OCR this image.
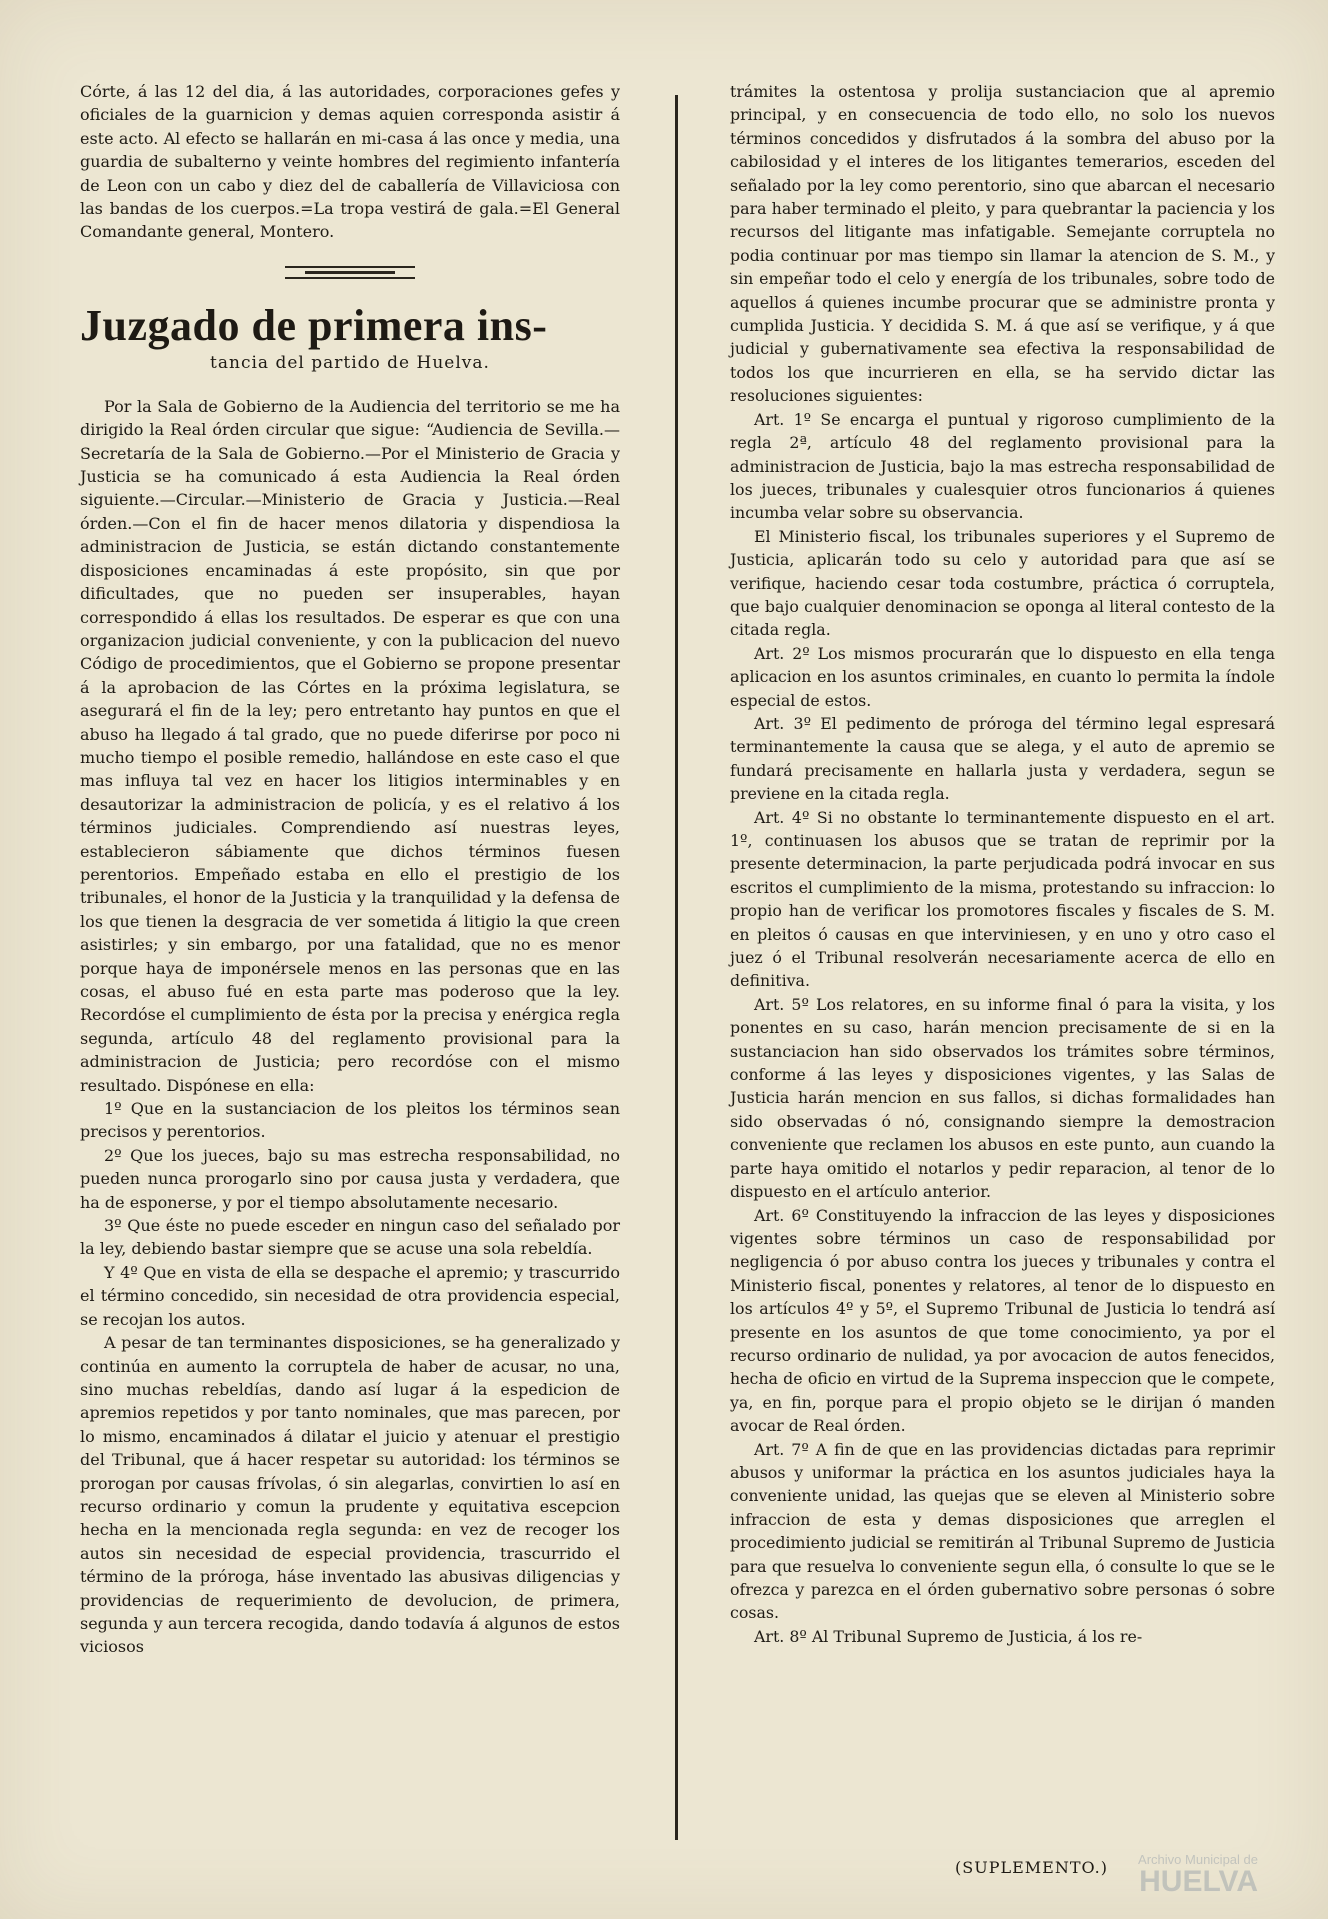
Córte, á las 12 del dia, á las autoridades, corporaciones gefes y oficiales de la guarnicion y demas aquien corresponda asistir á este acto. Al efecto se hallarán en mi-casa á las once y media, una guardia de subalterno y veinte hombres del regimiento infantería de Leon con un cabo y diez del de caballería de Villaviciosa con las bandas de los cuerpos.=La tropa vestirá de gala.=El General Comandante general, Montero.

Juzgado de primera ins-
tancia del partido de Huelva.

Por la Sala de Gobierno de la Audiencia del territorio se me ha dirigido la Real órden circular que sigue: “Audiencia de Sevilla.—Secretaría de la Sala de Gobierno.—Por el Ministerio de Gracia y Justicia se ha comunicado á esta Audiencia la Real órden siguiente.—Circular.—Ministerio de Gracia y Justicia.—Real órden.—Con el fin de hacer menos dilatoria y dispendiosa la administracion de Justicia, se están dictando constantemente disposiciones encaminadas á este propósito, sin que por dificultades, que no pueden ser insuperables, hayan correspondido á ellas los resultados. De esperar es que con una organizacion judicial conveniente, y con la publicacion del nuevo Código de procedimientos, que el Gobierno se propone presentar á la aprobacion de las Córtes en la próxima legislatura, se asegurará el fin de la ley; pero entretanto hay puntos en que el abuso ha llegado á tal grado, que no puede diferirse por poco ni mucho tiempo el posible remedio, hallándose en este caso el que mas influya tal vez en hacer los litigios interminables y en desautorizar la administracion de policía, y es el relativo á los términos judiciales. Comprendiendo así nuestras leyes, establecieron sábiamente que dichos términos fuesen perentorios. Empeñado estaba en ello el prestigio de los tribunales, el honor de la Justicia y la tranquilidad y la defensa de los que tienen la desgracia de ver sometida á litigio la que creen asistirles; y sin embargo, por una fatalidad, que no es menor porque haya de imponérsele menos en las personas que en las cosas, el abuso fué en esta parte mas poderoso que la ley. Recordóse el cumplimiento de ésta por la precisa y enérgica regla segunda, artículo 48 del reglamento provisional para la administracion de Justicia; pero recordóse con el mismo resultado. Dispónese en ella:

1º Que en la sustanciacion de los pleitos los términos sean precisos y perentorios.

2º Que los jueces, bajo su mas estrecha responsabilidad, no pueden nunca prorogarlo sino por causa justa y verdadera, que ha de esponerse, y por el tiempo absolutamente necesario.

3º Que éste no puede esceder en ningun caso del señalado por la ley, debiendo bastar siempre que se acuse una sola rebeldía.

Y 4º Que en vista de ella se despache el apremio; y trascurrido el término concedido, sin necesidad de otra providencia especial, se recojan los autos.

A pesar de tan terminantes disposiciones, se ha generalizado y continúa en aumento la corruptela de haber de acusar, no una, sino muchas rebeldías, dando así lugar á la espedicion de apremios repetidos y por tanto nominales, que mas parecen, por lo mismo, encaminados á dilatar el juicio y atenuar el prestigio del Tribunal, que á hacer respetar su autoridad: los términos se prorogan por causas frívolas, ó sin alegarlas, convirtien lo así en recurso ordinario y comun la prudente y equitativa escepcion hecha en la mencionada regla segunda: en vez de recoger los autos sin necesidad de especial providencia, trascurrido el término de la próroga, háse inventado las abusivas diligencias y providencias de requerimiento de devolucion, de primera, segunda y aun tercera recogida, dando todavía á algunos de estos viciosos

trámites la ostentosa y prolija sustanciacion que al apremio principal, y en consecuencia de todo ello, no solo los nuevos términos concedidos y disfrutados á la sombra del abuso por la cabilosidad y el interes de los litigantes temerarios, esceden del señalado por la ley como perentorio, sino que abarcan el necesario para haber terminado el pleito, y para quebrantar la paciencia y los recursos del litigante mas infatigable. Semejante corruptela no podia continuar por mas tiempo sin llamar la atencion de S. M., y sin empeñar todo el celo y energía de los tribunales, sobre todo de aquellos á quienes incumbe procurar que se administre pronta y cumplida Justicia. Y decidida S. M. á que así se verifique, y á que judicial y gubernativamente sea efectiva la responsabilidad de todos los que incurrieren en ella, se ha servido dictar las resoluciones siguientes:

Art. 1º Se encarga el puntual y rigoroso cumplimiento de la regla 2ª, artículo 48 del reglamento provisional para la administracion de Justicia, bajo la mas estrecha responsabilidad de los jueces, tribunales y cualesquier otros funcionarios á quienes incumba velar sobre su observancia.

El Ministerio fiscal, los tribunales superiores y el Supremo de Justicia, aplicarán todo su celo y autoridad para que así se verifique, haciendo cesar toda costumbre, práctica ó corruptela, que bajo cualquier denominacion se oponga al literal contesto de la citada regla.

Art. 2º Los mismos procurarán que lo dispuesto en ella tenga aplicacion en los asuntos criminales, en cuanto lo permita la índole especial de estos.

Art. 3º El pedimento de próroga del término legal espresará terminantemente la causa que se alega, y el auto de apremio se fundará precisamente en hallarla justa y verdadera, segun se previene en la citada regla.

Art. 4º Si no obstante lo terminantemente dispuesto en el art. 1º, continuasen los abusos que se tratan de reprimir por la presente determinacion, la parte perjudicada podrá invocar en sus escritos el cumplimiento de la misma, protestando su infraccion: lo propio han de verificar los promotores fiscales y fiscales de S. M. en pleitos ó causas en que interviniesen, y en uno y otro caso el juez ó el Tribunal resolverán necesariamente acerca de ello en definitiva.

Art. 5º Los relatores, en su informe final ó para la visita, y los ponentes en su caso, harán mencion precisamente de si en la sustanciacion han sido observados los trámites sobre términos, conforme á las leyes y disposiciones vigentes, y las Salas de Justicia harán mencion en sus fallos, si dichas formalidades han sido observadas ó nó, consignando siempre la demostracion conveniente que reclamen los abusos en este punto, aun cuando la parte haya omitido el notarlos y pedir reparacion, al tenor de lo dispuesto en el artículo anterior.

Art. 6º Constituyendo la infraccion de las leyes y disposiciones vigentes sobre términos un caso de responsabilidad por negligencia ó por abuso contra los jueces y tribunales y contra el Ministerio fiscal, ponentes y relatores, al tenor de lo dispuesto en los artículos 4º y 5º, el Supremo Tribunal de Justicia lo tendrá así presente en los asuntos de que tome conocimiento, ya por el recurso ordinario de nulidad, ya por avocacion de autos fenecidos, hecha de oficio en virtud de la Suprema inspeccion que le compete, ya, en fin, porque para el propio objeto se le dirijan ó manden avocar de Real órden.

Art. 7º A fin de que en las providencias dictadas para reprimir abusos y uniformar la práctica en los asuntos judiciales haya la conveniente unidad, las quejas que se eleven al Ministerio sobre infraccion de esta y demas disposiciones que arreglen el procedimiento judicial se remitirán al Tribunal Supremo de Justicia para que resuelva lo conveniente segun ella, ó consulte lo que se le ofrezca y parezca en el órden gubernativo sobre personas ó sobre cosas.

Art. 8º Al Tribunal Supremo de Justicia, á los re-

Archivo Municipal de
HUELVA
(SUPLEMENTO.)
